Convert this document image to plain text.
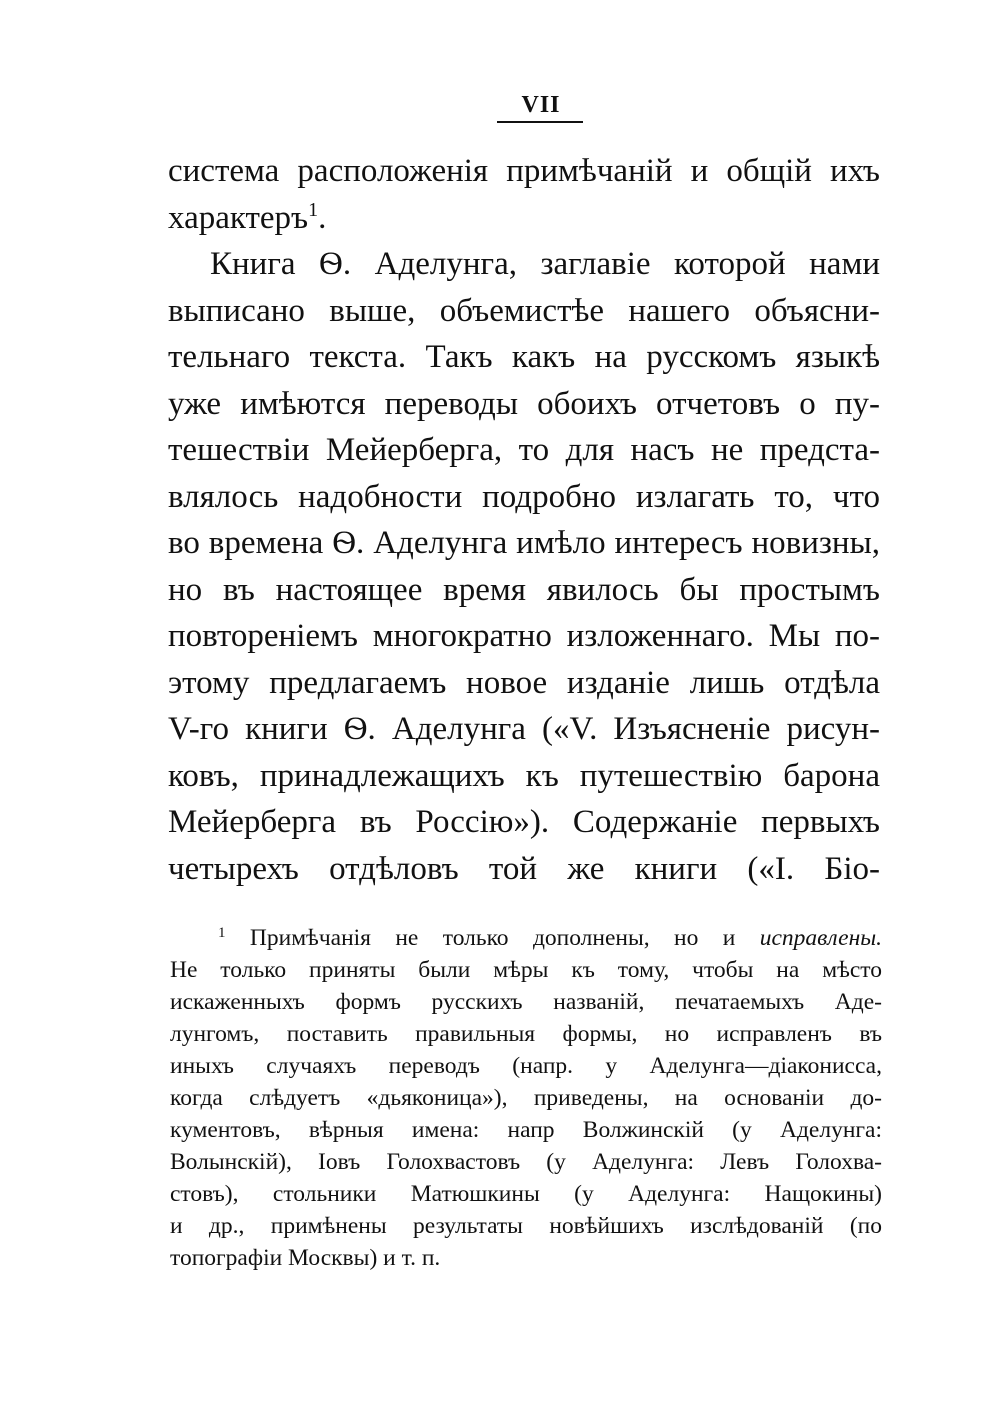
VII
система расположенія примѣчаній и общій ихъ
характеръ$^1$.
Книга Ѳ. Аделунга, заглавіе которой нами
выписано выше, объемистѣе нашего объясни-
тельнаго текста. Такъ какъ на русскомъ языкѣ
уже имѣются переводы обоихъ отчетовъ о пу-
тешествіи Мейерберга, то для насъ не предста-
влялось надобности подробно излагать то, что
во времена Ѳ. Аделунга имѣло интересъ новизны,
но въ настоящее время явилось бы простымъ
повтореніемъ многократно изложеннаго. Мы по-
этому предлагаемъ новое изданіе лишь отдѣла
V-го книги Ѳ. Аделунга («V. Изъясненіе рисун-
ковъ, принадлежащихъ къ путешествію барона
Мейерберга въ Россію»). Содержаніе первыхъ
четырехъ отдѣловъ той же книги («I. Біо-
$^1$ Примѣчанія не только дополнены, но и исправлены.
Не только приняты были мѣры къ тому, чтобы на мѣсто
искаженныхъ формъ русскихъ названій, печатаемыхъ Аде-
лунгомъ, поставить правильныя формы, но исправленъ въ
иныхъ случаяхъ переводъ (напр. у Аделунга—діаконисса,
когда слѣдуетъ «дьяконица»), приведены, на основаніи до-
кументовъ, вѣрныя имена: напр Волжинскій (у Аделунга:
Волынскій), Іовъ Голохвастовъ (у Аделунга: Левъ Голохва-
стовъ), стольники Матюшкины (у Аделунга: Нащокины)
и др., примѣнены результаты новѣйшихъ изслѣдованій (по
топографіи Москвы) и т. п.
